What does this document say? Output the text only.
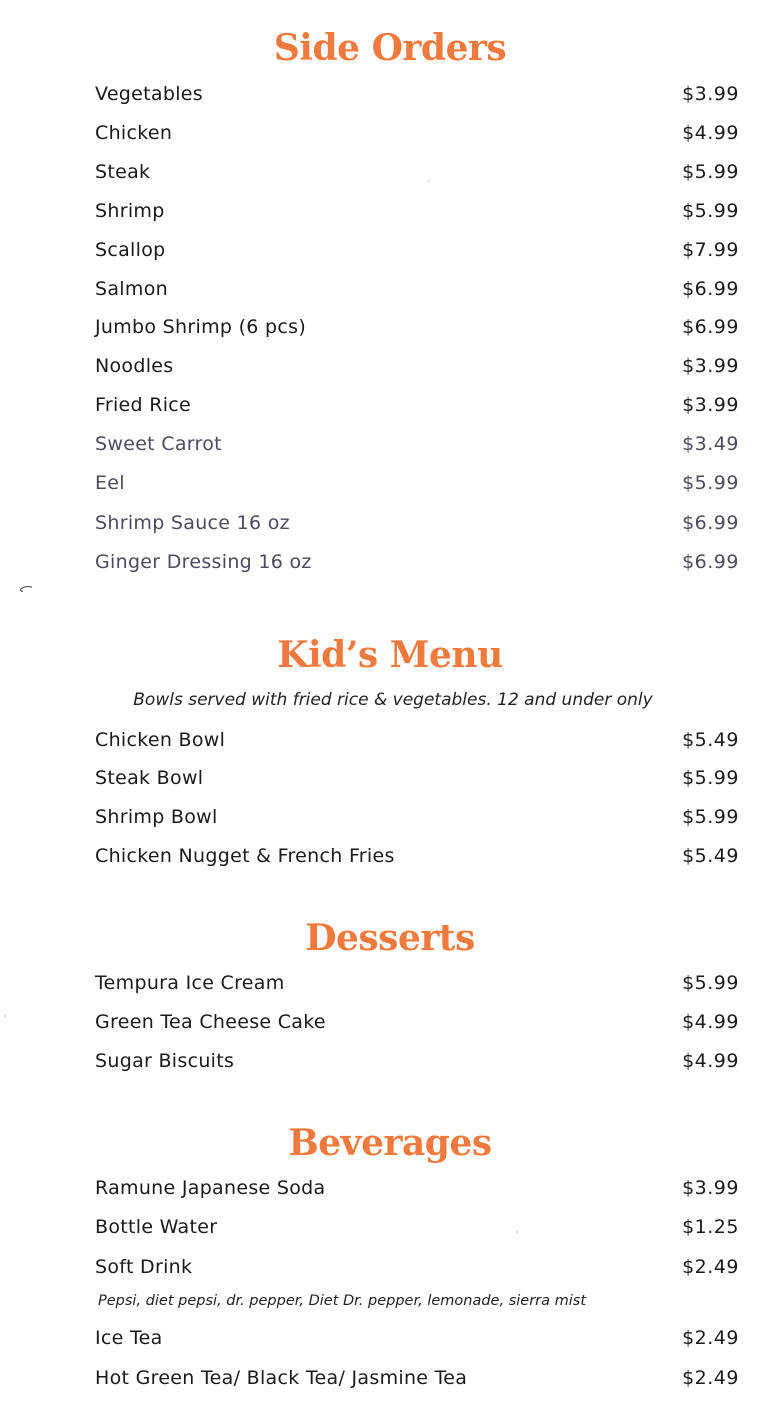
Side Orders
Vegetables	$3.99
Chicken	$4.99
Steak	$5.99
Shrimp	$5.99
Scallop	$7.99
Salmon	$6.99
Jumbo Shrimp (6 pcs)	$6.99
Noodles	$3.99
Fried Rice	$3.99
Sweet Carrot	$3.49
Eel	$5.99
Shrimp Sauce 16 oz	$6.99
Ginger Dressing 16 oz	$6.99
Kid’s Menu
Bowls served with fried rice & vegetables. 12 and under only
Chicken Bowl	$5.49
Steak Bowl	$5.99
Shrimp Bowl	$5.99
Chicken Nugget & French Fries	$5.49
Desserts
Tempura Ice Cream	$5.99
Green Tea Cheese Cake	$4.99
Sugar Biscuits	$4.99
Beverages
Ramune Japanese Soda	$3.99
Bottle Water	$1.25
Soft Drink	$2.49
Pepsi, diet pepsi, dr. pepper, Diet Dr. pepper, lemonade, sierra mist
Ice Tea	$2.49
Hot Green Tea/ Black Tea/ Jasmine Tea	$2.49
